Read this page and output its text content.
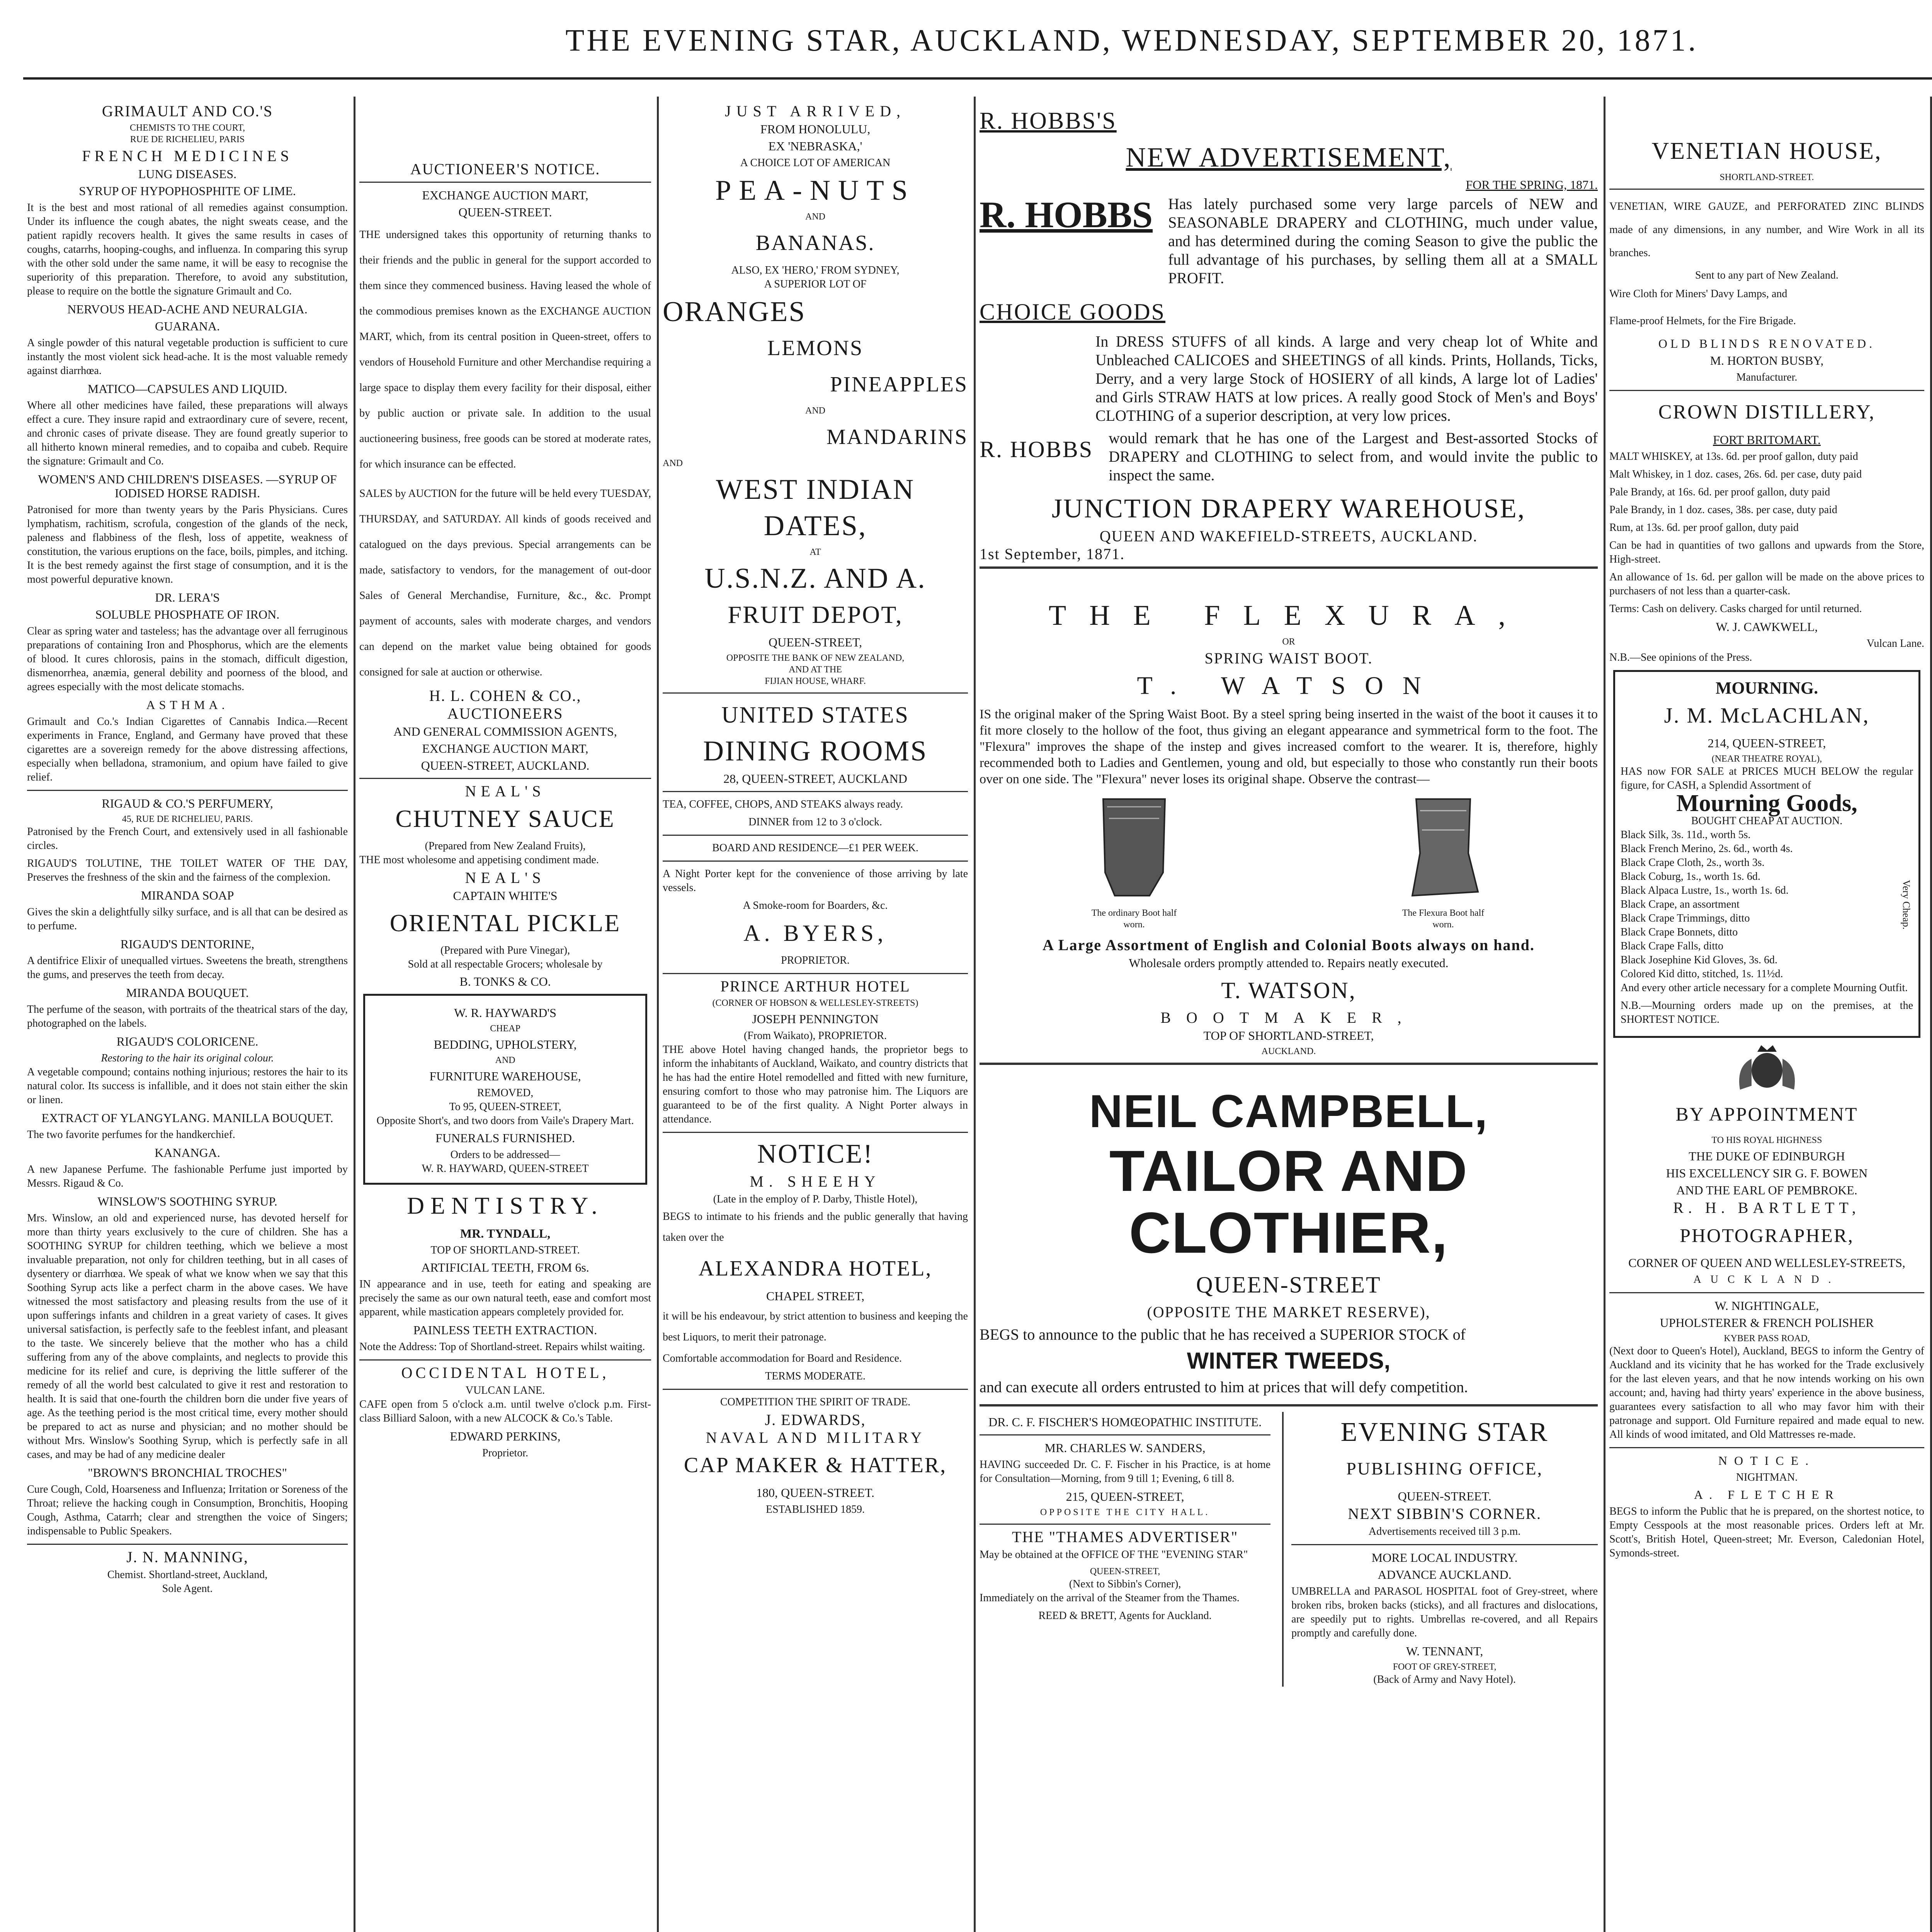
THE EVENING STAR, AUCKLAND, WEDNESDAY, SEPTEMBER 20, 1871.
GRIMAULT AND CO.'S
CHEMISTS TO THE COURT,
RUE DE RICHELIEU, PARIS
FRENCH MEDICINES
LUNG DISEASES.
SYRUP OF HYPOPHOSPHITE OF LIME.

It is the best and most rational of all remedies against consumption. Under its influence the cough abates, the night sweats cease, and the patient rapidly recovers health. It gives the same results in cases of coughs, catarrhs, hooping-coughs, and influenza. In comparing this syrup with the other sold under the same name, it will be easy to recognise the superiority of this preparation. Therefore, to avoid any substitution, please to require on the bottle the signature Grimault and Co.

NERVOUS HEAD-ACHE AND NEURALGIA.
GUARANA.

A single powder of this natural vegetable production is sufficient to cure instantly the most violent sick head-ache. It is the most valuable remedy against diarrhœa.

MATICO—CAPSULES AND LIQUID.

Where all other medicines have failed, these preparations will always effect a cure. They insure rapid and extraordinary cure of severe, recent, and chronic cases of private disease. They are found greatly superior to all hitherto known mineral remedies, and to copaiba and cubeb. Require the signature: Grimault and Co.

WOMEN'S AND CHILDREN'S DISEASES. —SYRUP OF IODISED HORSE RADISH.

Patronised for more than twenty years by the Paris Physicians. Cures lymphatism, rachitism, scrofula, congestion of the glands of the neck, paleness and flabbiness of the flesh, loss of appetite, weakness of constitution, the various eruptions on the face, boils, pimples, and itching. It is the best remedy against the first stage of consumption, and it is the most powerful depurative known.

DR. LERA'S
SOLUBLE PHOSPHATE OF IRON.

Clear as spring water and tasteless; has the advantage over all ferruginous preparations of containing Iron and Phosphorus, which are the elements of blood. It cures chlorosis, pains in the stomach, difficult digestion, dismenorrhea, anæmia, general debility and poorness of the blood, and agrees especially with the most delicate stomachs.

ASTHMA.

Grimault and Co.'s Indian Cigarettes of Cannabis Indica.—Recent experiments in France, England, and Germany have proved that these cigarettes are a sovereign remedy for the above distressing affections, especially when belladona, stramonium, and opium have failed to give relief.

RIGAUD & CO.'S PERFUMERY,
45, RUE DE RICHELIEU, PARIS.

Patronised by the French Court, and extensively used in all fashionable circles.

RIGAUD'S TOLUTINE, THE TOILET WATER OF THE DAY, Preserves the freshness of the skin and the fairness of the complexion.

MIRANDA SOAP

Gives the skin a delightfully silky surface, and is all that can be desired as to perfume.

RIGAUD'S DENTORINE,

A dentifrice Elixir of unequalled virtues. Sweetens the breath, strengthens the gums, and preserves the teeth from decay.

MIRANDA BOUQUET.

The perfume of the season, with portraits of the theatrical stars of the day, photographed on the labels.

RIGAUD'S COLORICENE.
Restoring to the hair its original colour.

A vegetable compound; contains nothing injurious; restores the hair to its natural color. Its success is infallible, and it does not stain either the skin or linen.

EXTRACT OF YLANGYLANG. MANILLA BOUQUET.

The two favorite perfumes for the handkerchief.

KANANGA.

A new Japanese Perfume. The fashionable Perfume just imported by Messrs. Rigaud & Co.

WINSLOW'S SOOTHING SYRUP.

Mrs. Winslow, an old and experienced nurse, has devoted herself for more than thirty years exclusively to the cure of children. She has a SOOTHING SYRUP for children teething, which we believe a most invaluable preparation, not only for children teething, but in all cases of dysentery or diarrhœa. We speak of what we know when we say that this Soothing Syrup acts like a perfect charm in the above cases. We have witnessed the most satisfactory and pleasing results from the use of it upon sufferings infants and children in a great variety of cases. It gives universal satisfaction, is perfectly safe to the feeblest infant, and pleasant to the taste. We sincerely believe that the mother who has a child suffering from any of the above complaints, and neglects to provide this medicine for its relief and cure, is depriving the little sufferer of the remedy of all the world best calculated to give it rest and restoration to health. It is said that one-fourth the children born die under five years of age. As the teething period is the most critical time, every mother should be prepared to act as nurse and physician; and no mother should be without Mrs. Winslow's Soothing Syrup, which is perfectly safe in all cases, and may be had of any medicine dealer

"BROWN'S BRONCHIAL TROCHES"

Cure Cough, Cold, Hoarseness and Influenza; Irritation or Soreness of the Throat; relieve the hacking cough in Consumption, Bronchitis, Hooping Cough, Asthma, Catarrh; clear and strengthen the voice of Singers; indispensable to Public Speakers.

J. N. MANNING,
Chemist. Shortland-street, Auckland,
Sole Agent.
AUCTIONEER'S NOTICE.
EXCHANGE AUCTION MART,
QUEEN-STREET.

THE undersigned takes this opportunity of returning thanks to their friends and the public in general for the support accorded to them since they commenced business. Having leased the whole of the commodious premises known as the EXCHANGE AUCTION MART, which, from its central position in Queen-street, offers to vendors of Household Furniture and other Merchandise requiring a large space to display them every facility for their disposal, either by public auction or private sale. In addition to the usual auctioneering business, free goods can be stored at moderate rates, for which insurance can be effected.

SALES by AUCTION for the future will be held every TUESDAY, THURSDAY, and SATURDAY. All kinds of goods received and catalogued on the days previous. Special arrangements can be made, satisfactory to vendors, for the management of out-door Sales of General Merchandise, Furniture, &c., &c. Prompt payment of accounts, sales with moderate charges, and vendors can depend on the market value being obtained for goods consigned for sale at auction or otherwise.

H. L. COHEN & CO.,
AUCTIONEERS
AND GENERAL COMMISSION AGENTS,
EXCHANGE AUCTION MART,
QUEEN-STREET, AUCKLAND.
NEAL'S
CHUTNEY SAUCE
(Prepared from New Zealand Fruits),

THE most wholesome and appetising condiment made.

NEAL'S
CAPTAIN WHITE'S
ORIENTAL PICKLE
(Prepared with Pure Vinegar),
Sold at all respectable Grocers; wholesale by
B. TONKS & CO.
W. R. HAYWARD'S
CHEAP
BEDDING, UPHOLSTERY,
AND
FURNITURE WAREHOUSE,
REMOVED,
To 95, QUEEN-STREET,
Opposite Short's, and two doors from Vaile's Drapery Mart.
FUNERALS FURNISHED.
Orders to be addressed—
W. R. HAYWARD, QUEEN-STREET
DENTISTRY.
MR. TYNDALL,
TOP OF SHORTLAND-STREET.
ARTIFICIAL TEETH, FROM 6s.

IN appearance and in use, teeth for eating and speaking are precisely the same as our own natural teeth, ease and comfort most apparent, while mastication appears completely provided for.

PAINLESS TEETH EXTRACTION.

Note the Address: Top of Shortland-street. Repairs whilst waiting.

OCCIDENTAL HOTEL,
VULCAN LANE.

CAFE open from 5 o'clock a.m. until twelve o'clock p.m. First-class Billiard Saloon, with a new ALCOCK & Co.'s Table.

EDWARD PERKINS,
Proprietor.
JUST ARRIVED,
FROM HONOLULU,
EX 'NEBRASKA,'
A CHOICE LOT OF AMERICAN
PEA-NUTS
AND
BANANAS.
ALSO, EX 'HERO,' FROM SYDNEY,
A SUPERIOR LOT OF
ORANGES
LEMONS
PINEAPPLES
AND
MANDARINS
AND
WEST INDIAN
DATES,
AT
U.S.N.Z. AND A.
FRUIT DEPOT,
QUEEN-STREET,
OPPOSITE THE BANK OF NEW ZEALAND,
AND AT THE
FIJIAN HOUSE, WHARF.
UNITED STATES
DINING ROOMS
28, QUEEN-STREET, AUCKLAND

TEA, COFFEE, CHOPS, AND STEAKS always ready.

DINNER from 12 to 3 o'clock.
BOARD AND RESIDENCE—£1 PER WEEK.

A Night Porter kept for the convenience of those arriving by late vessels.

A Smoke-room for Boarders, &c.
A. BYERS,
PROPRIETOR.
PRINCE ARTHUR HOTEL
(CORNER OF HOBSON & WELLESLEY-STREETS)
JOSEPH PENNINGTON
(From Waikato), PROPRIETOR.

THE above Hotel having changed hands, the proprietor begs to inform the inhabitants of Auckland, Waikato, and country districts that he has had the entire Hotel remodelled and fitted with new furniture, ensuring comfort to those who may patronise him. The Liquors are guaranteed to be of the first quality. A Night Porter always in attendance.

NOTICE!
M. SHEEHY
(Late in the employ of P. Darby, Thistle Hotel),

BEGS to intimate to his friends and the public generally that having taken over the

ALEXANDRA HOTEL,
CHAPEL STREET,

it will be his endeavour, by strict attention to business and keeping the best Liquors, to merit their patronage.

Comfortable accommodation for Board and Residence.

TERMS MODERATE.
COMPETITION THE SPIRIT OF TRADE.
J. EDWARDS,
NAVAL AND MILITARY
CAP MAKER & HATTER,
180, QUEEN-STREET.
ESTABLISHED 1859.
R. HOBBS'S
NEW ADVERTISEMENT,
FOR THE SPRING, 1871.
R. HOBBS Has lately purchased some very large parcels of NEW and SEASONABLE DRAPERY and CLOTHING, much under value, and has determined during the coming Season to give the public the full advantage of his purchases, by selling them all at a SMALL PROFIT.

CHOICE GOODS

In DRESS STUFFS of all kinds. A large and very cheap lot of White and Unbleached CALICOES and SHEETINGS of all kinds. Prints, Hollands, Ticks, Derry, and a very large Stock of HOSIERY of all kinds, A large lot of Ladies' and Girls STRAW HATS at low prices. A really good Stock of Men's and Boys' CLOTHING of a superior description, at very low prices.

R. HOBBS would remark that he has one of the Largest and Best-assorted Stocks of DRAPERY and CLOTHING to select from, and would invite the public to inspect the same.

JUNCTION DRAPERY WAREHOUSE,
QUEEN AND WAKEFIELD-STREETS, AUCKLAND.
1st September, 1871.
THE FLEXURA,
OR
SPRING WAIST BOOT.
T. WATSON

IS the original maker of the Spring Waist Boot. By a steel spring being inserted in the waist of the boot it causes it to fit more closely to the hollow of the foot, thus giving an elegant appearance and symmetrical form to the foot. The "Flexura" improves the shape of the instep and gives increased comfort to the wearer. It is, therefore, highly recommended both to Ladies and Gentlemen, young and old, but especially to those who constantly run their boots over on one side. The "Flexura" never loses its original shape. Observe the contrast—

The ordinary Boot half worn.
The Flexura Boot half worn.
A Large Assortment of English and Colonial Boots always on hand.
Wholesale orders promptly attended to. Repairs neatly executed.
T. WATSON,
BOOTMAKER,
TOP OF SHORTLAND-STREET,
AUCKLAND.
NEIL CAMPBELL,
TAILOR AND CLOTHIER,
QUEEN-STREET
(OPPOSITE THE MARKET RESERVE),

BEGS to announce to the public that he has received a SUPERIOR STOCK of

WINTER TWEEDS,

and can execute all orders entrusted to him at prices that will defy competition.

DR. C. F. FISCHER'S HOMŒOPATHIC INSTITUTE.
MR. CHARLES W. SANDERS,

HAVING succeeded Dr. C. F. Fischer in his Practice, is at home for Consultation—Morning, from 9 till 1; Evening, 6 till 8.

215, QUEEN-STREET,
OPPOSITE THE CITY HALL.
THE "THAMES ADVERTISER"

May be obtained at the OFFICE OF THE "EVENING STAR"

QUEEN-STREET,
(Next to Sibbin's Corner),

Immediately on the arrival of the Steamer from the Thames.

REED & BRETT, Agents for Auckland.
EVENING STAR
PUBLISHING OFFICE,
QUEEN-STREET.
NEXT SIBBIN'S CORNER.
Advertisements received till 3 p.m.
MORE LOCAL INDUSTRY.
ADVANCE AUCKLAND.

UMBRELLA and PARASOL HOSPITAL foot of Grey-street, where broken ribs, broken backs (sticks), and all fractures and dislocations, are speedily put to rights. Umbrellas re-covered, and all Repairs promptly and carefully done.

W. TENNANT,
FOOT OF GREY-STREET,
(Back of Army and Navy Hotel).
VENETIAN HOUSE,
SHORTLAND-STREET.

VENETIAN, WIRE GAUZE, and PERFORATED ZINC BLINDS made of any dimensions, in any number, and Wire Work in all its branches.

Sent to any part of New Zealand.

Wire Cloth for Miners' Davy Lamps, and

Flame-proof Helmets, for the Fire Brigade.

OLD BLINDS RENOVATED.
M. HORTON BUSBY,
Manufacturer.
CROWN DISTILLERY,
FORT BRITOMART.

MALT WHISKEY, at 13s. 6d. per proof gallon, duty paid

Malt Whiskey, in 1 doz. cases, 26s. 6d. per case, duty paid

Pale Brandy, at 16s. 6d. per proof gallon, duty paid

Pale Brandy, in 1 doz. cases, 38s. per case, duty paid

Rum, at 13s. 6d. per proof gallon, duty paid

Can be had in quantities of two gallons and upwards from the Store, High-street.

An allowance of 1s. 6d. per gallon will be made on the above prices to purchasers of not less than a quarter-cask.

Terms: Cash on delivery. Casks charged for until returned.

W. J. CAWKWELL,
Vulcan Lane.

N.B.—See opinions of the Press.

MOURNING.
J. M. McLACHLAN,
214, QUEEN-STREET,
(NEAR THEATRE ROYAL),

HAS now FOR SALE at PRICES MUCH BELOW the regular figure, for CASH, a Splendid Assortment of

Mourning Goods,
BOUGHT CHEAP AT AUCTION.
Black Silk, 3s. 11d., worth 5s.
Black French Merino, 2s. 6d., worth 4s.
Black Crape Cloth, 2s., worth 3s.
Black Coburg, 1s., worth 1s. 6d.
Black Alpaca Lustre, 1s., worth 1s. 6d.
Black Crape, an assortment
Black Crape Trimmings, ditto
Black Crape Bonnets, ditto
Black Crape Falls, ditto
Black Josephine Kid Gloves, 3s. 6d.
Colored Kid ditto, stitched, 1s. 11½d.
Very Cheap.

And every other article necessary for a complete Mourning Outfit.

N.B.—Mourning orders made up on the premises, at the SHORTEST NOTICE.

BY APPOINTMENT
TO HIS ROYAL HIGHNESS
THE DUKE OF EDINBURGH
HIS EXCELLENCY SIR G. F. BOWEN
AND THE EARL OF PEMBROKE.
R. H. BARTLETT,
PHOTOGRAPHER,
CORNER OF QUEEN AND WELLESLEY-STREETS,
AUCKLAND.
W. NIGHTINGALE,
UPHOLSTERER & FRENCH POLISHER
KYBER PASS ROAD,

(Next door to Queen's Hotel), Auckland, BEGS to inform the Gentry of Auckland and its vicinity that he has worked for the Trade exclusively for the last eleven years, and that he now intends working on his own account; and, having had thirty years' experience in the above business, guarantees every satisfaction to all who may favor him with their patronage and support. Old Furniture repaired and made equal to new. All kinds of wood imitated, and Old Mattresses re-made.

NOTICE.
NIGHTMAN.
A. FLETCHER

BEGS to inform the Public that he is prepared, on the shortest notice, to Empty Cesspools at the most reasonable prices. Orders left at Mr. Scott's, British Hotel, Queen-street; Mr. Everson, Caledonian Hotel, Symonds-street.
